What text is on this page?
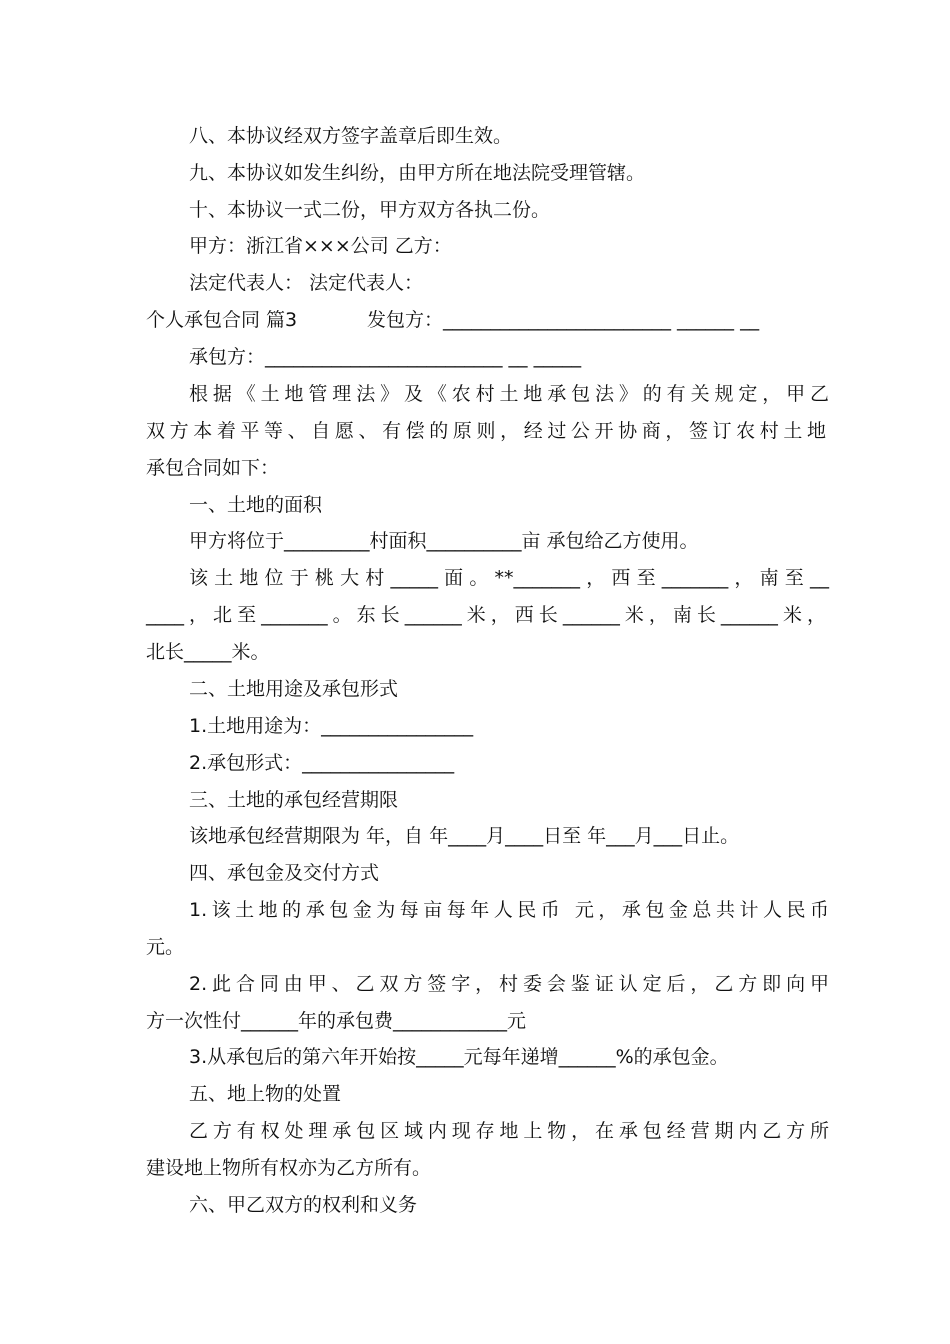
八、本协议经双方签字盖章后即生效。
九、本协议如发生纠纷，由甲方所在地法院受理管辖。
十、本协议一式二份，甲方双方各执二份。
甲方：浙江省×××公司 乙方：
法定代表人： 法定代表人：
个人承包合同 篇3	发包方：________________________ ______ __
承包方：_________________________ __ _____
根据《土地管理法》及《农村土地承包法》的有关规定，甲乙
双方本着平等、自愿、有偿的原则，经过公开协商，签订农村土地
承包合同如下：
一、土地的面积
甲方将位于_________村面积__________亩 承包给乙方使用。
该土地位于桃大村_____面。**_______，西至_______，南至__
____，北至_______。东长______米，西长______米，南长______米，
北长_____米。
二、土地用途及承包形式
1.土地用途为：________________
2.承包形式：________________
三、土地的承包经营期限
该地承包经营期限为 年，自 年____月____日至 年___月___日止。
四、承包金及交付方式
1.该土地的承包金为每亩每年人民币 元，承包金总共计人民币
元。
2.此合同由甲、乙双方签字，村委会鉴证认定后，乙方即向甲
方一次性付______年的承包费____________元
3.从承包后的第六年开始按_____元每年递增______%的承包金。
五、地上物的处置
乙方有权处理承包区域内现存地上物，在承包经营期内乙方所
建设地上物所有权亦为乙方所有。
六、甲乙双方的权利和义务
